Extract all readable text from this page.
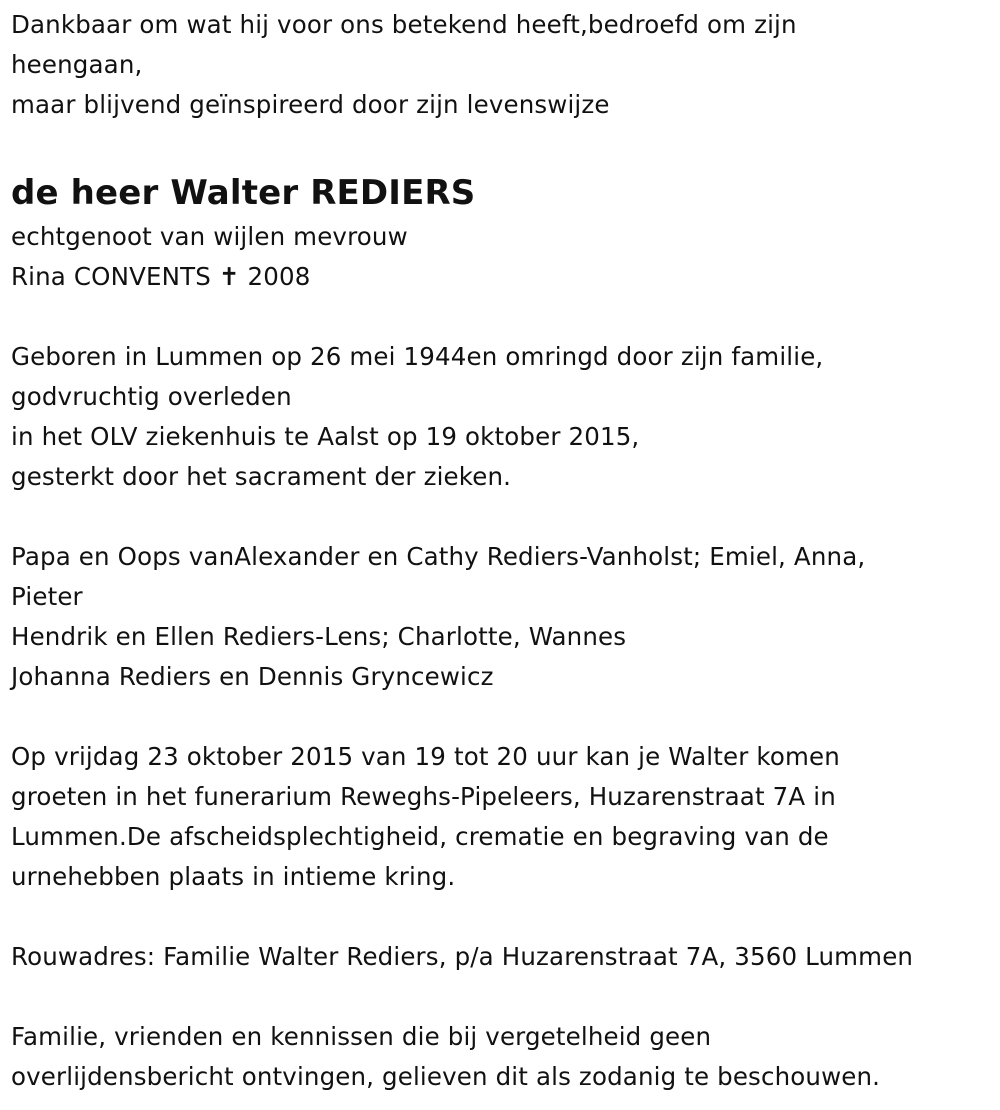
Dankbaar om wat hij voor ons betekend heeft,bedroefd om zijn
heengaan,
maar blijvend geïnspireerd door zijn levenswijze
de heer Walter REDIERS
echtgenoot van wijlen mevrouw
Rina CONVENTS ✝ 2008
Geboren in Lummen op 26 mei 1944en omringd door zijn familie,
godvruchtig overleden
in het OLV ziekenhuis te Aalst op 19 oktober 2015,
gesterkt door het sacrament der zieken.
Papa en Oops vanAlexander en Cathy Rediers-Vanholst; Emiel, Anna,
Pieter
Hendrik en Ellen Rediers-Lens; Charlotte, Wannes
Johanna Rediers en Dennis Gryncewicz
Op vrijdag 23 oktober 2015 van 19 tot 20 uur kan je Walter komen
groeten in het funerarium Reweghs-Pipeleers, Huzarenstraat 7A in
Lummen.De afscheidsplechtigheid, crematie en begraving van de
urnehebben plaats in intieme kring.
Rouwadres: Familie Walter Rediers, p/a Huzarenstraat 7A, 3560 Lummen
Familie, vrienden en kennissen die bij vergetelheid geen
overlijdensbericht ontvingen, gelieven dit als zodanig te beschouwen.
